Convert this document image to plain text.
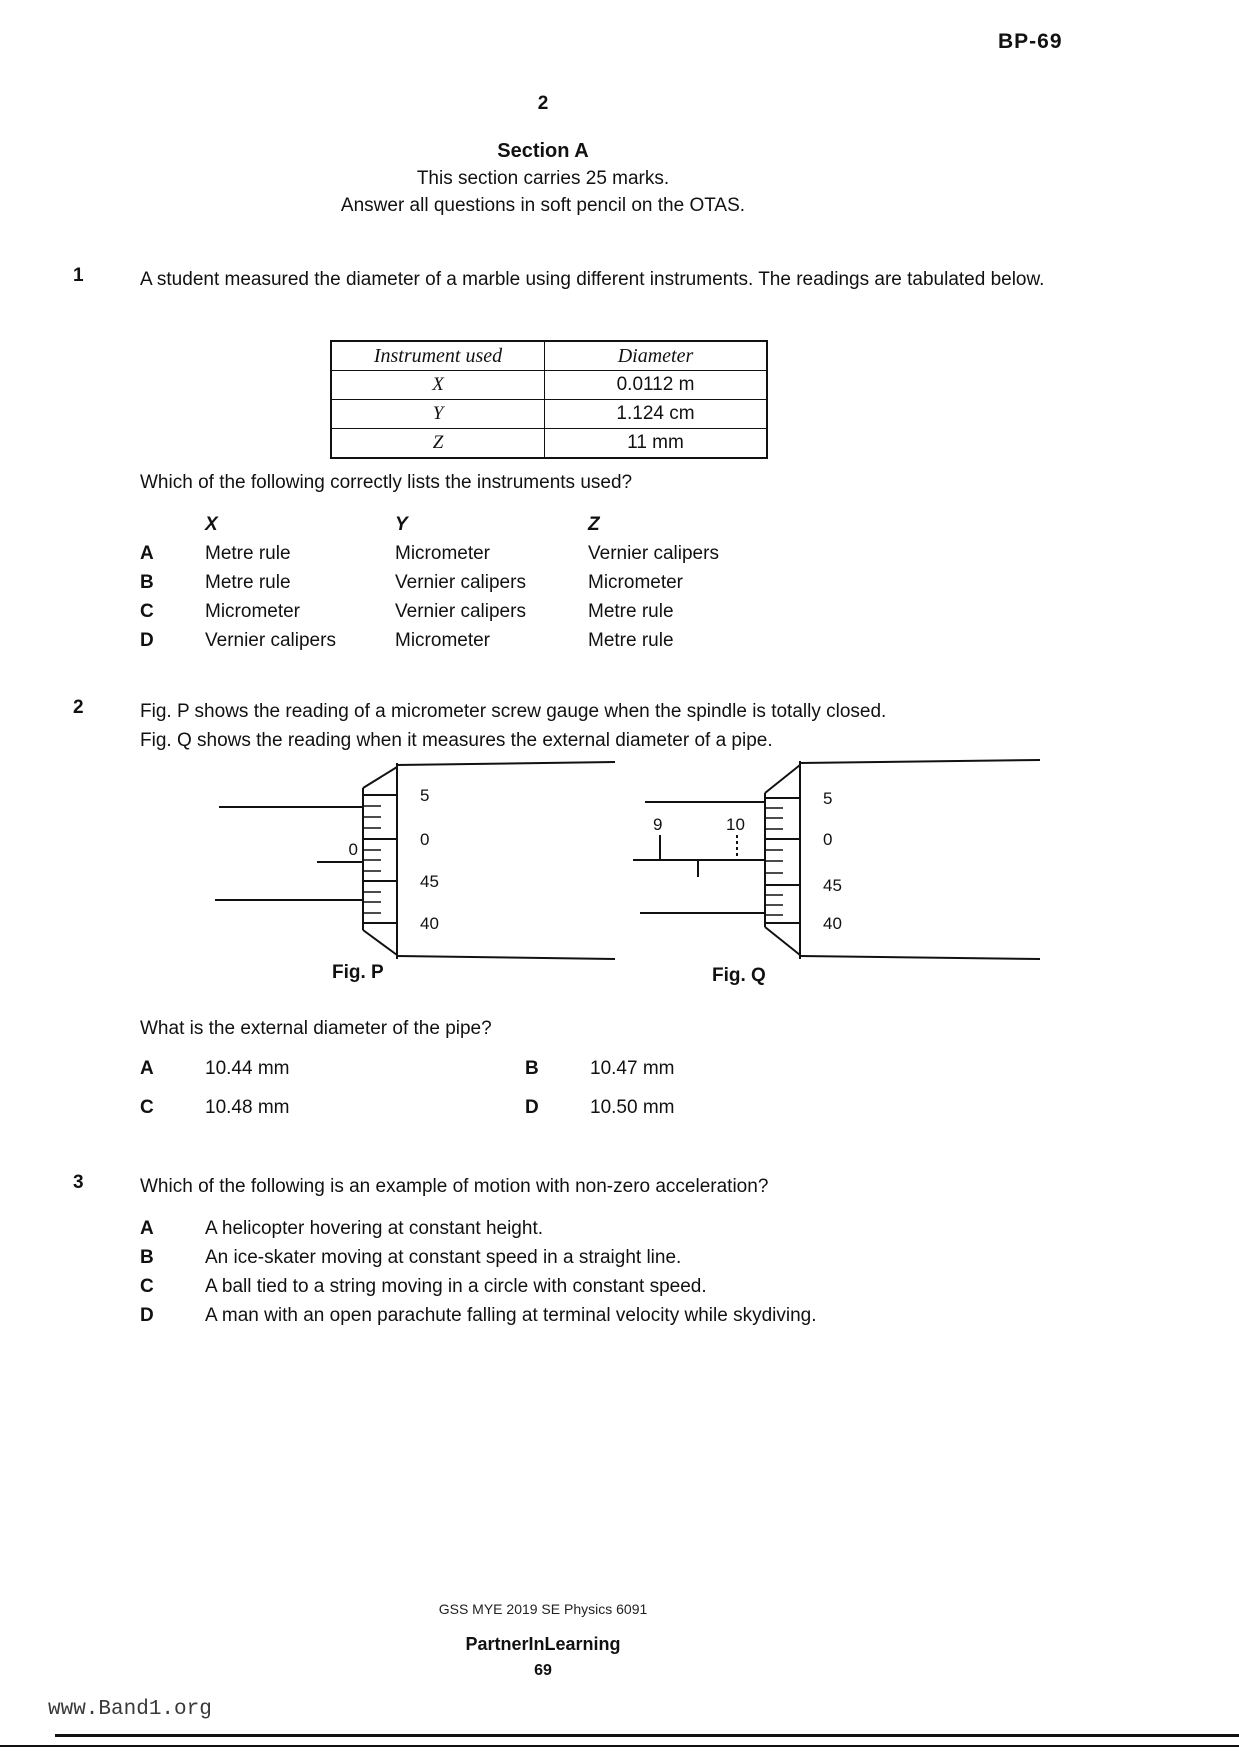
BP-69
2
Section A
This section carries 25 marks.
Answer all questions in soft pencil on the OTAS.
1	A student measured the diameter of a marble using different instruments. The readings are tabulated below.
Instrument used	Diameter
X	0.0112 m
Y	1.124 cm
Z	11 mm
Which of the following correctly lists the instruments used?
X	Y	Z
A	Metre rule	Micrometer	Vernier calipers
B	Metre rule	Vernier calipers	Micrometer
C	Micrometer	Vernier calipers	Metre rule
D	Vernier calipers	Micrometer	Metre rule
2	Fig. P shows the reading of a micrometer screw gauge when the spindle is totally closed.
Fig. Q shows the reading when it measures the external diameter of a pipe.
0
5
0
45
40
Fig. P
9	10
5
0
45
40
Fig. Q
What is the external diameter of the pipe?
A	10.44 mm	B	10.47 mm
C	10.48 mm	D	10.50 mm
3	Which of the following is an example of motion with non-zero acceleration?
A	A helicopter hovering at constant height.
B	An ice-skater moving at constant speed in a straight line.
C	A ball tied to a string moving in a circle with constant speed.
D	A man with an open parachute falling at terminal velocity while skydiving.
GSS MYE 2019 SE Physics 6091
PartnerInLearning
69
www.Band1.org
